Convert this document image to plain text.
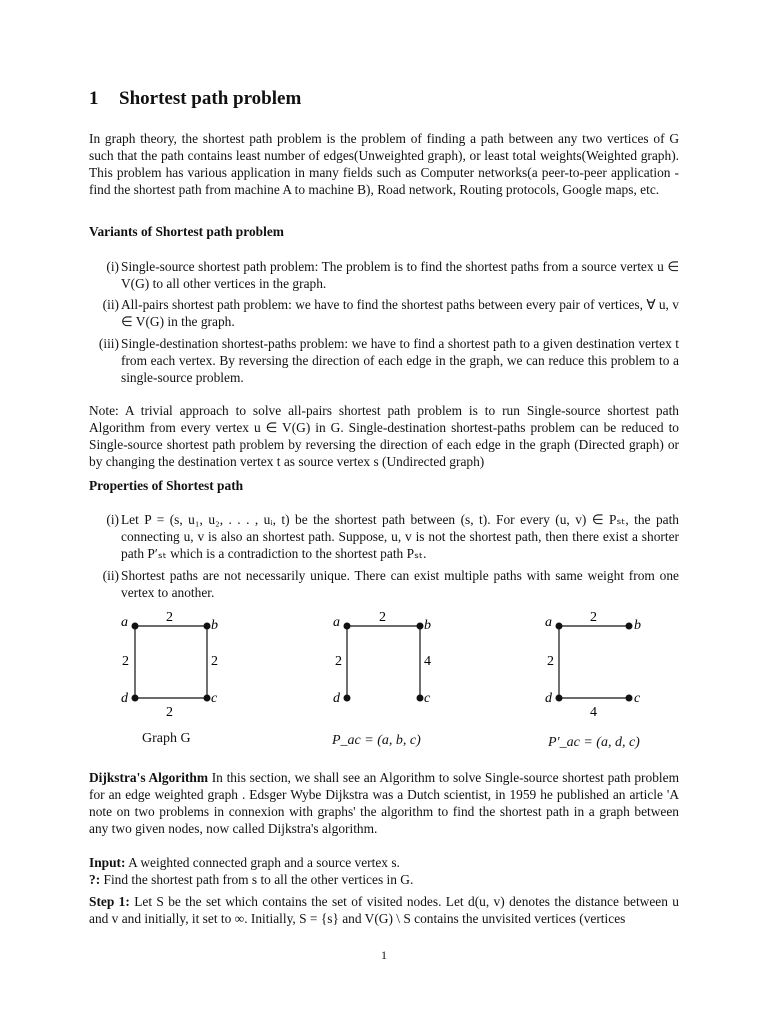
1 Shortest path problem
In graph theory, the shortest path problem is the problem of finding a path between any two vertices of G such that the path contains least number of edges(Unweighted graph), or least total weights(Weighted graph). This problem has various application in many fields such as Computer networks(a peer-to-peer application - find the shortest path from machine A to machine B), Road network, Routing protocols, Google maps, etc.
Variants of Shortest path problem
(i) Single-source shortest path problem: The problem is to find the shortest paths from a source vertex u ∈ V(G) to all other vertices in the graph.
(ii) All-pairs shortest path problem: we have to find the shortest paths between every pair of vertices, ∀ u, v ∈ V(G) in the graph.
(iii) Single-destination shortest-paths problem: we have to find a shortest path to a given destination vertex t from each vertex. By reversing the direction of each edge in the graph, we can reduce this problem to a single-source problem.
Note: A trivial approach to solve all-pairs shortest path problem is to run Single-source shortest path Algorithm from every vertex u ∈ V(G) in G. Single-destination shortest-paths problem can be reduced to Single-source shortest path problem by reversing the direction of each edge in the graph (Directed graph) or by changing the destination vertex t as source vertex s (Undirected graph)
Properties of Shortest path
(i) Let P = (s, u₁, u₂, . . . , uᵢ, t) be the shortest path between (s, t). For every (u, v) ∈ Pₛₜ, the path connecting u, v is also an shortest path. Suppose, u, v is not the shortest path, then there exist a shorter path P′ₛₜ which is a contradiction to the shortest path Pₛₜ.
(ii) Shortest paths are not necessarily unique. There can exist multiple paths with same weight from one vertex to another.
a	b
d	c
2
2	2
2
a	b
d	c
2
2	4
a	b
d	c
2
2
4
Graph G	P_ac = (a, b, c)	P′_ac = (a, d, c)
Dijkstra's Algorithm In this section, we shall see an Algorithm to solve Single-source shortest path problem for an edge weighted graph . Edsger Wybe Dijkstra was a Dutch scientist, in 1959 he published an article 'A note on two problems in connexion with graphs' the algorithm to find the shortest path in a graph between any two given nodes, now called Dijkstra's algorithm.
Input: A weighted connected graph and a source vertex s.
?: Find the shortest path from s to all the other vertices in G.
Step 1: Let S be the set which contains the set of visited nodes. Let d(u, v) denotes the distance between u and v and initially, it set to ∞. Initially, S = {s} and V(G) \ S contains the unvisited vertices (vertices
1
